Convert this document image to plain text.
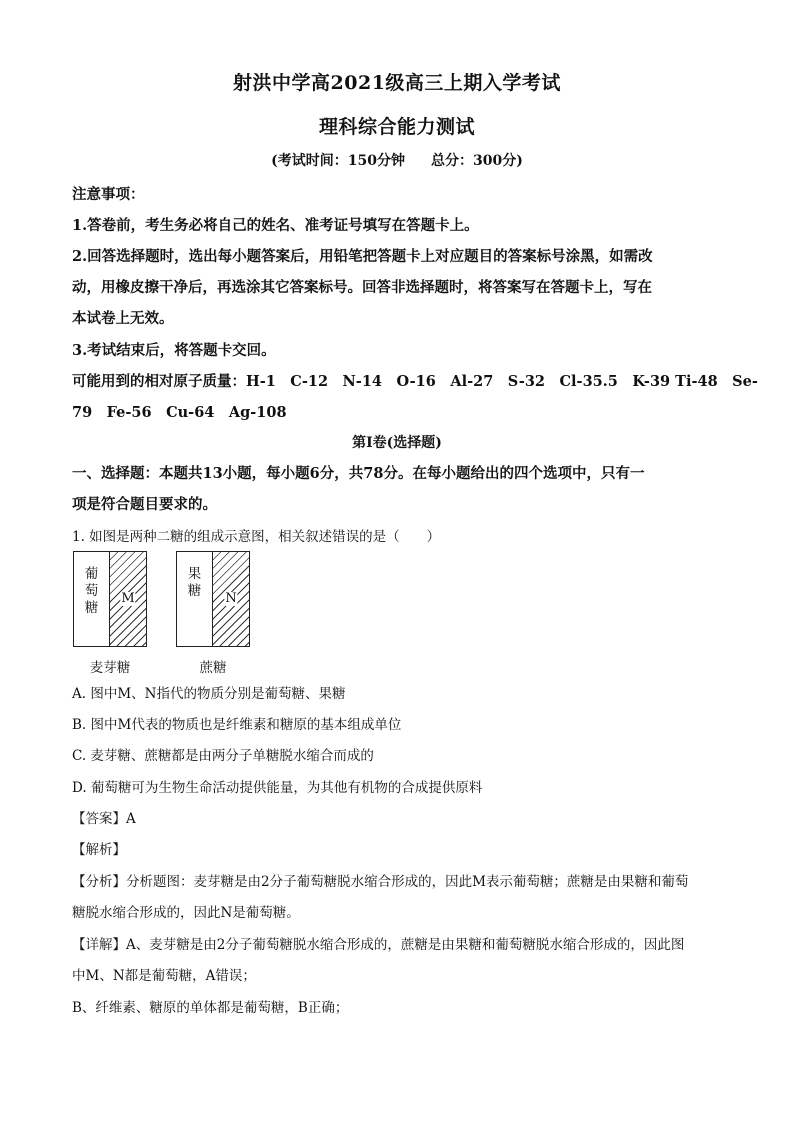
射洪中学高2021级高三上期入学考试
理科综合能力测试
(考试时间：150分钟 总分：300分)
注意事项：
1.答卷前，考生务必将自己的姓名、准考证号填写在答题卡上。
2.回答选择题时，选出每小题答案后，用铅笔把答题卡上对应题目的答案标号涂黑，如需改
动，用橡皮擦干净后，再选涂其它答案标号。回答非选择题时，将答案写在答题卡上，写在
本试卷上无效。
3.考试结束后，将答题卡交回。
可能用到的相对原子质量：H-1　C-12　N-14　O-16　Al-27　S-32　Cl-35.5　K-39 Ti-48　Se-
79　Fe-56　Cu-64　Ag-108
第I卷(选择题)
一、选择题：本题共13小题，每小题6分，共78分。在每小题给出的四个选项中，只有一
项是符合题目要求的。
1. 如图是两种二糖的组成示意图，相关叙述错误的是（　　）
葡
萄
糖
M
麦芽糖
果
糖	N
蔗糖
A. 图中M、N指代的物质分别是葡萄糖、果糖
B. 图中M代表的物质也是纤维素和糖原的基本组成单位
C. 麦芽糖、蔗糖都是由两分子单糖脱水缩合而成的
D. 葡萄糖可为生物生命活动提供能量，为其他有机物的合成提供原料
【答案】A
【解析】
【分析】分析题图：麦芽糖是由2分子葡萄糖脱水缩合形成的，因此M表示葡萄糖；蔗糖是由果糖和葡萄
糖脱水缩合形成的，因此N是葡萄糖。
【详解】A、麦芽糖是由2分子葡萄糖脱水缩合形成的，蔗糖是由果糖和葡萄糖脱水缩合形成的，因此图
中M、N都是葡萄糖，A错误；
B、纤维素、糖原的单体都是葡萄糖，B正确；
